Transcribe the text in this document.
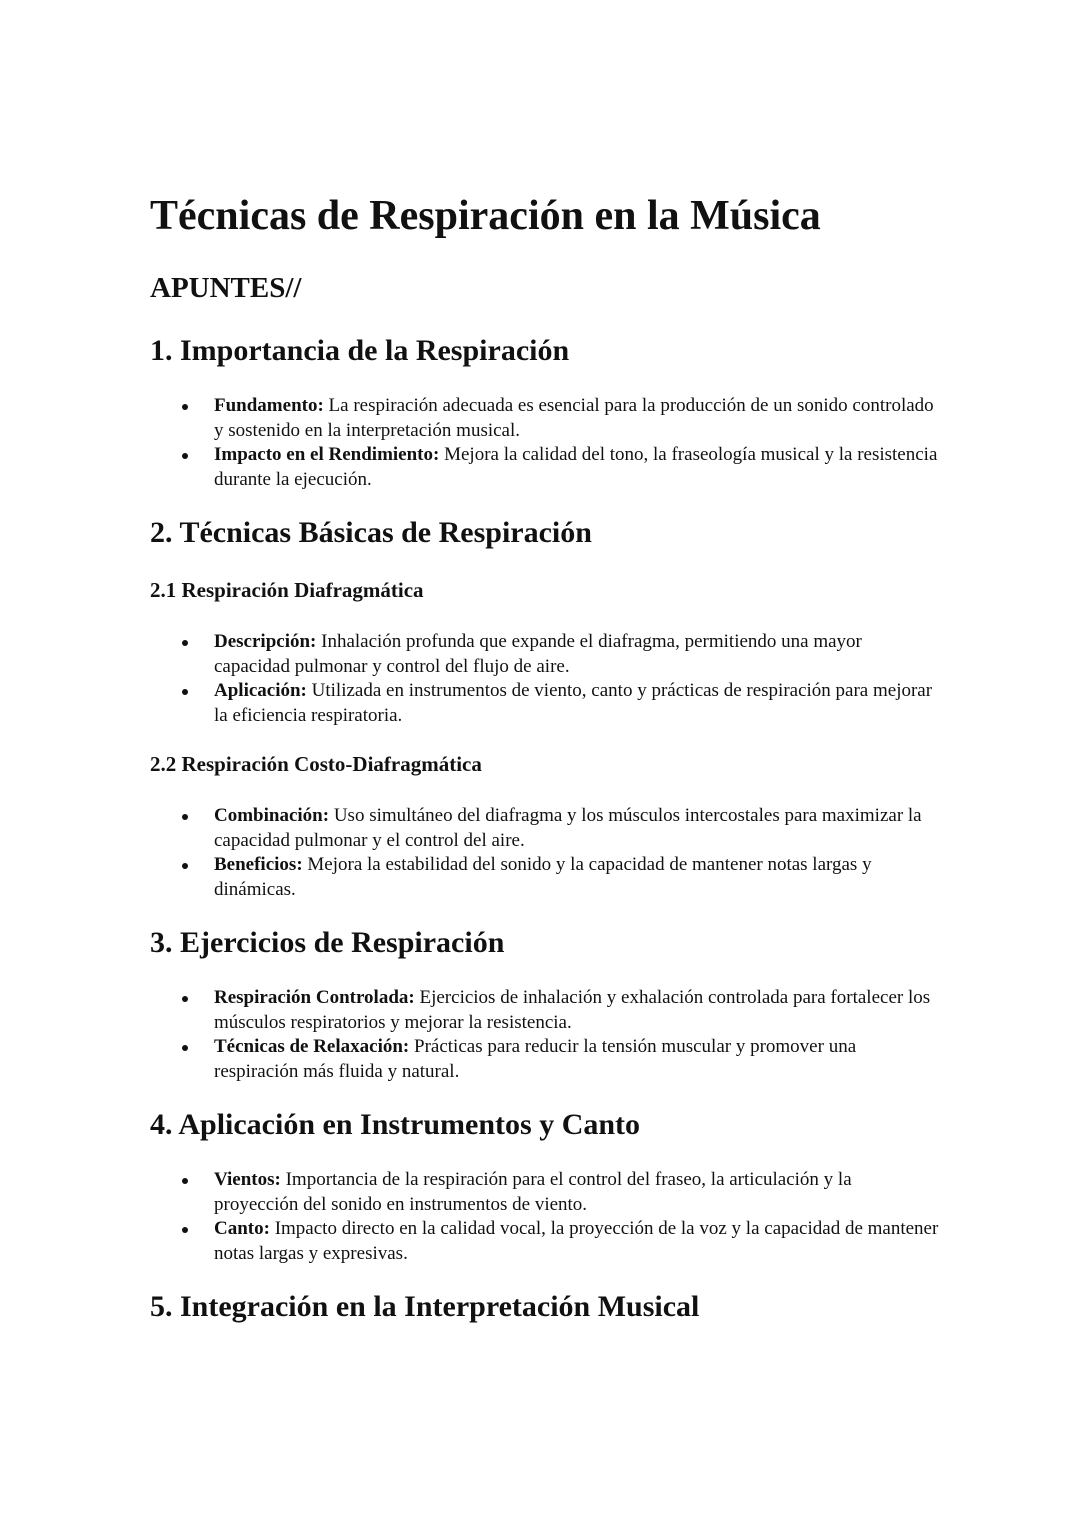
Técnicas de Respiración en la Música
APUNTES//
1. Importancia de la Respiración
Fundamento: La respiración adecuada es esencial para la producción de un sonido controlado y sostenido en la interpretación musical.
Impacto en el Rendimiento: Mejora la calidad del tono, la fraseología musical y la resistencia durante la ejecución.
2. Técnicas Básicas de Respiración
2.1 Respiración Diafragmática
Descripción: Inhalación profunda que expande el diafragma, permitiendo una mayor capacidad pulmonar y control del flujo de aire.
Aplicación: Utilizada en instrumentos de viento, canto y prácticas de respiración para mejorar la eficiencia respiratoria.
2.2 Respiración Costo-Diafragmática
Combinación: Uso simultáneo del diafragma y los músculos intercostales para maximizar la capacidad pulmonar y el control del aire.
Beneficios: Mejora la estabilidad del sonido y la capacidad de mantener notas largas y dinámicas.
3. Ejercicios de Respiración
Respiración Controlada: Ejercicios de inhalación y exhalación controlada para fortalecer los músculos respiratorios y mejorar la resistencia.
Técnicas de Relaxación: Prácticas para reducir la tensión muscular y promover una respiración más fluida y natural.
4. Aplicación en Instrumentos y Canto
Vientos: Importancia de la respiración para el control del fraseo, la articulación y la proyección del sonido en instrumentos de viento.
Canto: Impacto directo en la calidad vocal, la proyección de la voz y la capacidad de mantener notas largas y expresivas.
5. Integración en la Interpretación Musical
